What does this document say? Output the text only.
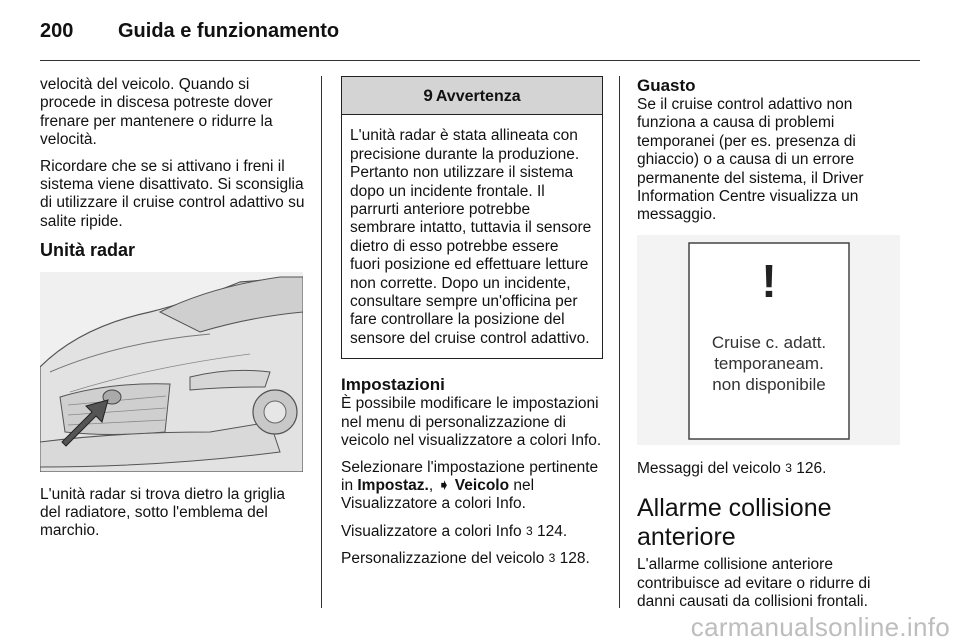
200 Guida e funzionamento

velocità del veicolo. Quando si procede in discesa potreste dover frenare per mantenere o ridurre la velocità.

Ricordare che se si attivano i freni il sistema viene disattivato. Si sconsiglia di utilizzare il cruise control adattivo su salite ripide.

Unità radar

L'unità radar si trova dietro la griglia del radiatore, sotto l'emblema del marchio.

9 Avvertenza
L'unità radar è stata allineata con precisione durante la produzione. Pertanto non utilizzare il sistema dopo un incidente frontale. Il parrurti anteriore potrebbe sembrare intatto, tuttavia il sensore dietro di esso potrebbe essere fuori posizione ed effettuare letture non corrette. Dopo un incidente, consultare sempre un'officina per fare controllare la posizione del sensore del cruise control adattivo.

Impostazioni

È possibile modificare le impostazioni nel menu di personalizzazione di veicolo nel visualizzatore a colori Info.

Selezionare l'impostazione pertinente in Impostaz., ➧ Veicolo nel Visualizzatore a colori Info.

Visualizzatore a colori Info 3 124.

Personalizzazione del veicolo 3 128.

Guasto

Se il cruise control adattivo non funziona a causa di problemi temporanei (per es. presenza di ghiaccio) o a causa di un errore permanente del sistema, il Driver Information Centre visualizza un messaggio.

!
Cruise c. adatt.
temporaneam.
non disponibile

Messaggi del veicolo 3 126.

Allarme collisione anteriore

L'allarme collisione anteriore contribuisce ad evitare o ridurre di danni causati da collisioni frontali.

carmanualsonline.info
